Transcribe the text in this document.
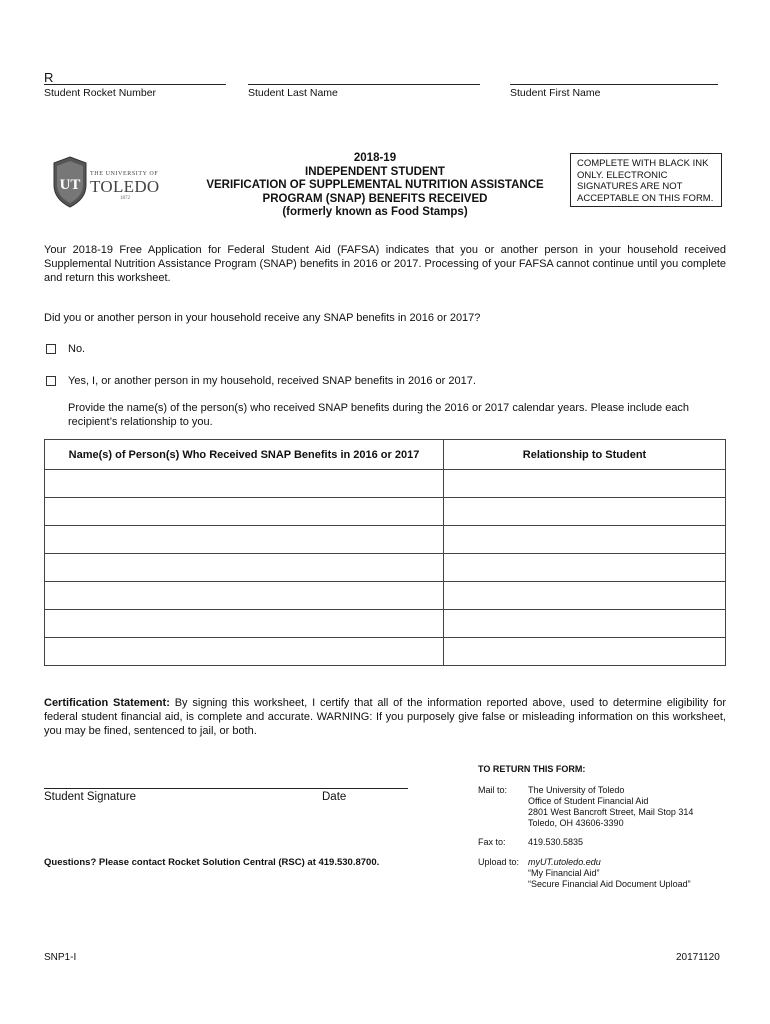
R
Student Rocket Number	Student Last Name	Student First Name
UT
THE UNIVERSITY OF
TOLEDO
1872
2018-19
INDEPENDENT STUDENT
VERIFICATION OF SUPPLEMENTAL NUTRITION ASSISTANCE
PROGRAM (SNAP) BENEFITS RECEIVED
(formerly known as Food Stamps)
COMPLETE WITH BLACK INK ONLY. ELECTRONIC SIGNATURES ARE NOT ACCEPTABLE ON THIS FORM.
Your 2018-19 Free Application for Federal Student Aid (FAFSA) indicates that you or another person in your household received Supplemental Nutrition Assistance Program (SNAP) benefits in 2016 or 2017. Processing of your FAFSA cannot continue until you complete and return this worksheet.
Did you or another person in your household receive any SNAP benefits in 2016 or 2017?
No.
Yes, I, or another person in my household, received SNAP benefits in 2016 or 2017.
Provide the name(s) of the person(s) who received SNAP benefits during the 2016 or 2017 calendar years. Please include each recipient’s relationship to you.
Name(s) of Person(s) Who Received SNAP Benefits in 2016 or 2017	Relationship to Student

Certification Statement: By signing this worksheet, I certify that all of the information reported above, used to determine eligibility for federal student financial aid, is complete and accurate. WARNING: If you purposely give false or misleading information on this worksheet, you may be fined, sentenced to jail, or both.
TO RETURN THIS FORM:
Student Signature	Date
Mail to: The University of Toledo
Office of Student Financial Aid
2801 West Bancroft Street, Mail Stop 314
Toledo, OH 43606-3390
Fax to: 419.530.5835
Questions? Please contact Rocket Solution Central (RSC) at 419.530.8700.	Upload to: myUT.utoledo.edu
“My Financial Aid”
“Secure Financial Aid Document Upload”
SNP1-I	20171120
